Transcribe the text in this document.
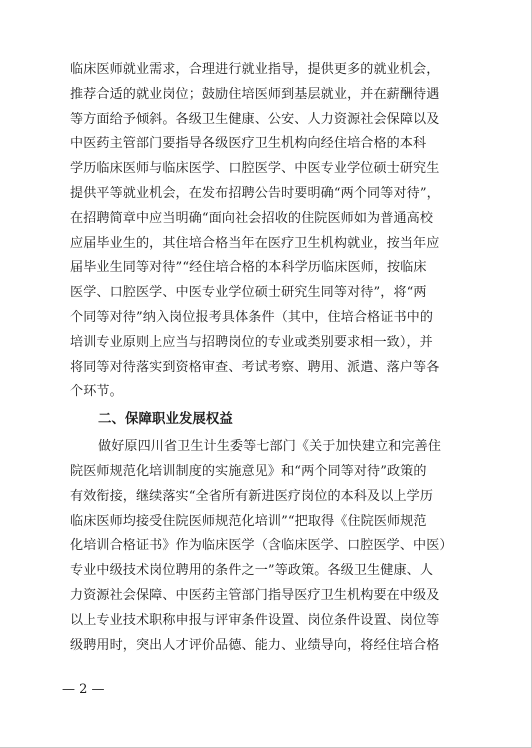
临床医师就业需求，合理进行就业指导，提供更多的就业机会，
推荐合适的就业岗位；鼓励住培医师到基层就业，并在薪酬待遇
等方面给予倾斜。各级卫生健康、公安、人力资源社会保障以及
中医药主管部门要指导各级医疗卫生机构向经住培合格的本科
学历临床医师与临床医学、口腔医学、中医专业学位硕士研究生
提供平等就业机会，在发布招聘公告时要明确“两个同等对待”，
在招聘简章中应当明确“面向社会招收的住院医师如为普通高校
应届毕业生的，其住培合格当年在医疗卫生机构就业，按当年应
届毕业生同等对待”“经住培合格的本科学历临床医师，按临床
医学、口腔医学、中医专业学位硕士研究生同等对待”，将“两
个同等对待”纳入岗位报考具体条件（其中，住培合格证书中的
培训专业原则上应当与招聘岗位的专业或类别要求相一致），并
将同等对待落实到资格审查、考试考察、聘用、派遣、落户等各
个环节。
二、保障职业发展权益
做好原四川省卫生计生委等七部门《关于加快建立和完善住
院医师规范化培训制度的实施意见》和“两个同等对待”政策的
有效衔接，继续落实“全省所有新进医疗岗位的本科及以上学历
临床医师均接受住院医师规范化培训”“把取得《住院医师规范
化培训合格证书》作为临床医学（含临床医学、口腔医学、中医）
专业中级技术岗位聘用的条件之一”等政策。各级卫生健康、人
力资源社会保障、中医药主管部门指导医疗卫生机构要在中级及
以上专业技术职称申报与评审条件设置、岗位条件设置、岗位等
级聘用时，突出人才评价品德、能力、业绩导向，将经住培合格
— 2 —
